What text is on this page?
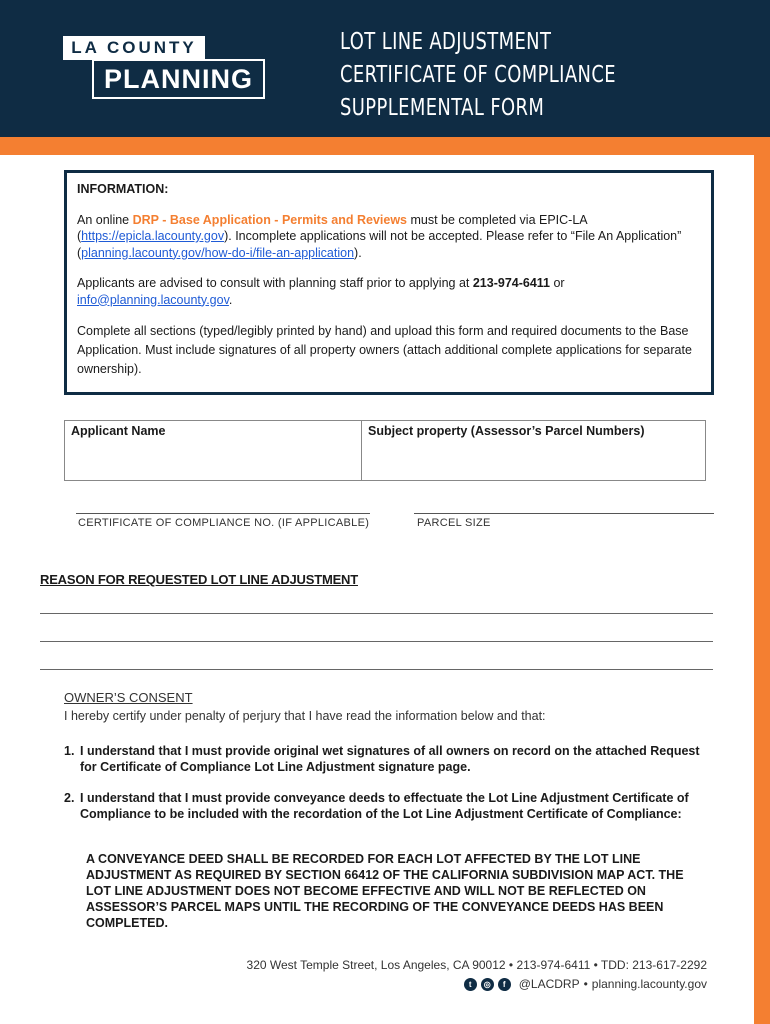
LA COUNTY
PLANNING
LOT LINE ADJUSTMENT
CERTIFICATE OF COMPLIANCE
SUPPLEMENTAL FORM
INFORMATION:
An online DRP - Base Application - Permits and Reviews must be completed via EPIC-LA (https://epicla.lacounty.gov). Incomplete applications will not be accepted. Please refer to “File An Application” (planning.lacounty.gov/how-do-i/file-an-application).
Applicants are advised to consult with planning staff prior to applying at 213-974-6411 or info@planning.lacounty.gov.
Complete all sections (typed/legibly printed by hand) and upload this form and required documents to the Base Application. Must include signatures of all property owners (attach additional complete applications for separate ownership).
Applicant Name	Subject property (Assessor’s Parcel Numbers)
CERTIFICATE OF COMPLIANCE NO. (IF APPLICABLE)	PARCEL SIZE
REASON FOR REQUESTED LOT LINE ADJUSTMENT
OWNER’S CONSENT
I hereby certify under penalty of perjury that I have read the information below and that:
1. I understand that I must provide original wet signatures of all owners on record on the attached Request for Certificate of Compliance Lot Line Adjustment signature page.
2. I understand that I must provide conveyance deeds to effectuate the Lot Line Adjustment Certificate of Compliance to be included with the recordation of the Lot Line Adjustment Certificate of Compliance:
A CONVEYANCE DEED SHALL BE RECORDED FOR EACH LOT AFFECTED BY THE LOT LINE ADJUSTMENT AS REQUIRED BY SECTION 66412 OF THE CALIFORNIA SUBDIVISION MAP ACT. THE LOT LINE ADJUSTMENT DOES NOT BECOME EFFECTIVE AND WILL NOT BE REFLECTED ON ASSESSOR’S PARCEL MAPS UNTIL THE RECORDING OF THE CONVEYANCE DEEDS HAS BEEN COMPLETED.
320 West Temple Street, Los Angeles, CA 90012 • 213-974-6411 • TDD: 213-617-2292
t	◎	f	@LACDRP • planning.lacounty.gov
